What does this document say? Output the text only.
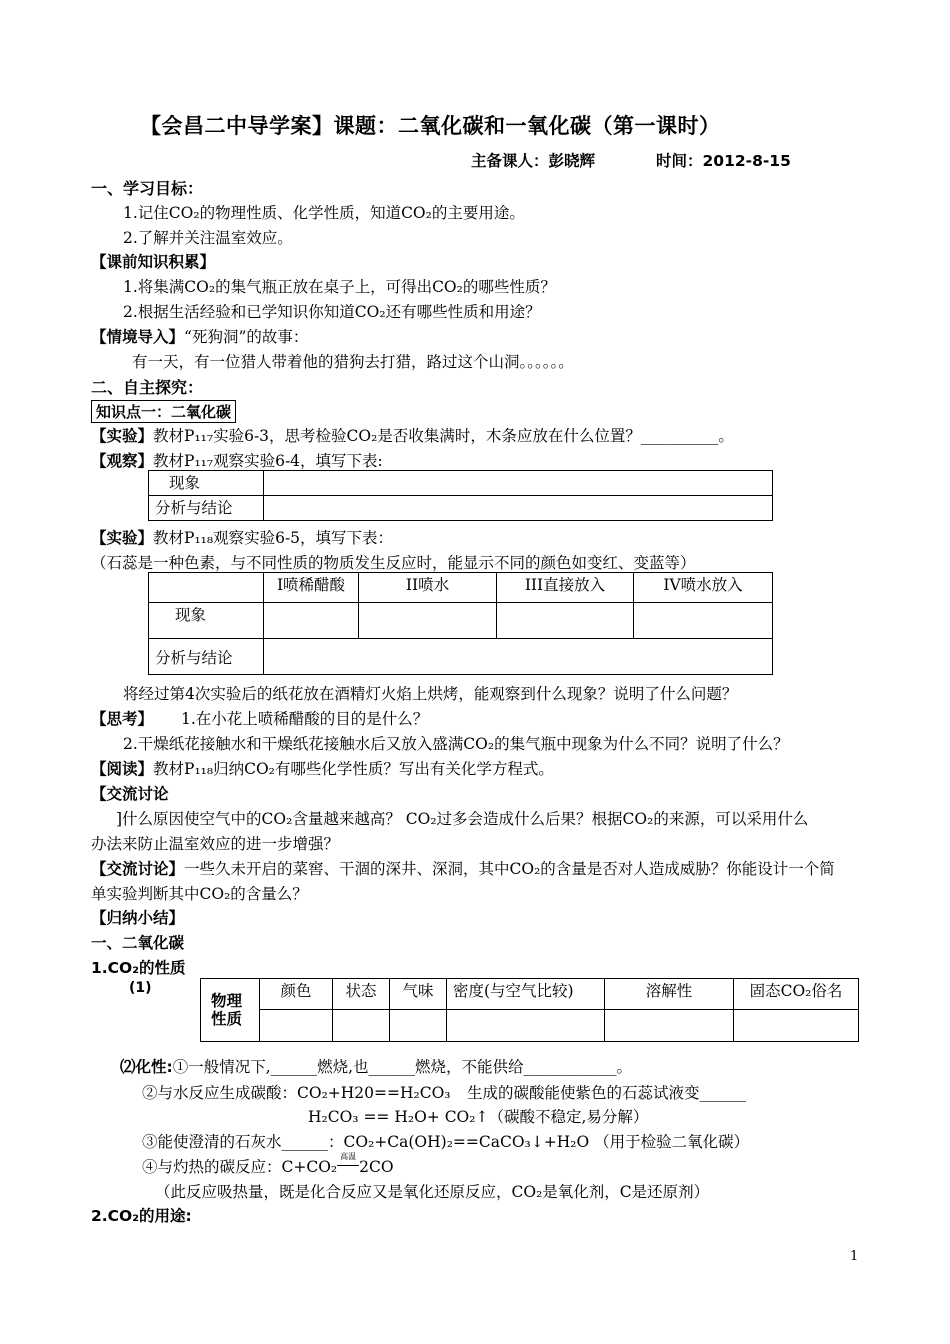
【会昌二中导学案】课题：二氧化碳和一氧化碳（第一课时）
主备课人：彭晓辉	时间：2012-8-15
一、学习目标：
1.记住CO₂的物理性质、化学性质，知道CO₂的主要用途。
2.了解并关注温室效应。
【课前知识积累】
1.将集满CO₂的集气瓶正放在桌子上，可得出CO₂的哪些性质？
2.根据生活经验和已学知识你知道CO₂还有哪些性质和用途？
【情境导入】“死狗洞”的故事：
有一天，有一位猎人带着他的猎狗去打猎，路过这个山洞。。。。。。
二、自主探究：
知识点一：二氧化碳
【实验】教材P₁₁₇实验6-3，思考检验CO₂是否收集满时，木条应放在什么位置？__________。
【观察】教材P₁₁₇观察实验6-4，填写下表:
现象	
分析与结论	
【实验】教材P₁₁₈观察实验6-5，填写下表：
（石蕊是一种色素，与不同性质的物质发生反应时，能显示不同的颜色如变红、变蓝等）
	I喷稀醋酸	II喷水	III直接放入	IV喷水放入
现象				
分析与结论				
将经过第4次实验后的纸花放在酒精灯火焰上烘烤，能观察到什么现象？说明了什么问题？
【思考】 1.在小花上喷稀醋酸的目的是什么？
2.干燥纸花接触水和干燥纸花接触水后又放入盛满CO₂的集气瓶中现象为什么不同？说明了什么？
【阅读】教材P₁₁₈归纳CO₂有哪些化学性质？写出有关化学方程式。
【交流讨论
]什么原因使空气中的CO₂含量越来越高？ CO₂过多会造成什么后果？根据CO₂的来源，可以采用什么
办法来防止温室效应的进一步增强？
【交流讨论】一些久未开启的菜窖、干涸的深井、深洞，其中CO₂的含量是否对人造成威胁？你能设计一个简
单实验判断其中CO₂的含量么？
【归纳小结】
一、二氧化碳
1.CO₂的性质
(1)
物理性质	颜色	状态	气味	密度(与空气比较)	溶解性	固态CO₂俗名

⑵化性:①一般情况下,______燃烧,也______燃烧，不能供给____________。
②与水反应生成碳酸：CO₂+H20==H₂CO₃ 生成的碳酸能使紫色的石蕊试液变______
H₂CO₃ == H₂O+ CO₂↑（碳酸不稳定,易分解）
③能使澄清的石灰水______：CO₂+Ca(OH)₂==CaCO₃↓+H₂O （用于检验二氧化碳）
④与灼热的碳反应：C+CO₂
高温
2CO
（此反应吸热量，既是化合反应又是氧化还原反应，CO₂是氧化剂，C是还原剂）
2.CO₂的用途:
1
